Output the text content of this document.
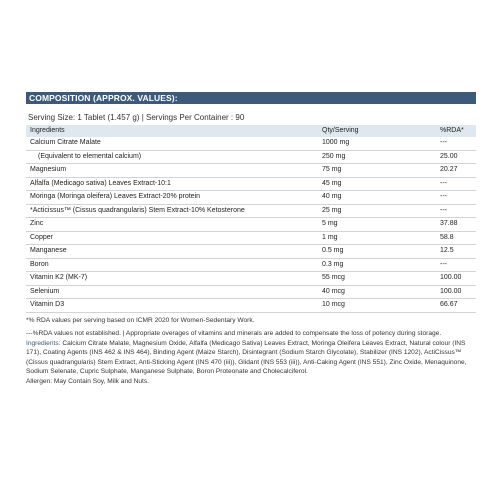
COMPOSITION (APPROX. VALUES):
Serving Size: 1 Tablet (1.457 g) | Servings Per Container : 90
Ingredients	Qty/Serving	%RDA*
Calcium Citrate Malate	1000 mg	---
(Equivalent to elemental calcium)	250 mg	25.00
Magnesium	75 mg	20.27
Alfalfa (Medicago sativa) Leaves Extract-10:1	45 mg	---
Moringa (Moringa oleifera) Leaves Extract-20% protein	40 mg	---
*Acticissus™ (Cissus quadrangularis) Stem Extract-10% Ketosterone	25 mg	---
Zinc	5 mg	37.88
Copper	1 mg	58.8
Manganese	0.5 mg	12.5
Boron	0.3 mg	---
Vitamin K2 (MK-7)	55 mcg	100.00
Selenium	40 mcg	100.00
Vitamin D3	10 mcg	66.67

*% RDA values per serving based on ICMR 2020 for Women-Sedentary Work.

---%RDA values not established. | Appropriate overages of vitamins and minerals are added to compensate the loss of potency during storage.

Ingredients: Calcium Citrate Malate, Magnesium Oxide, Alfalfa (Medicago Sativa) Leaves Extract, Moringa Oleifera Leaves Extract, Natural colour (INS 171), Coating Agents (INS 462 & INS 464), Binding Agent (Maize Starch), Disintegrant (Sodium Starch Glycolate), Stabilizer (INS 1202), ActiCissus™ (Cissus quadrangularis) Stem Extract, Anti-Sticking Agent (INS 470 (iii)), Glidant (INS 553 (iii)), Anti-Caking Agent (INS 551), Zinc Oxide, Menaquinone, Sodium Selenate, Cupric Sulphate, Manganese Sulphate, Boron Proteonate and Cholecalciferol.

Allergen: May Contain Soy, Milk and Nuts.
